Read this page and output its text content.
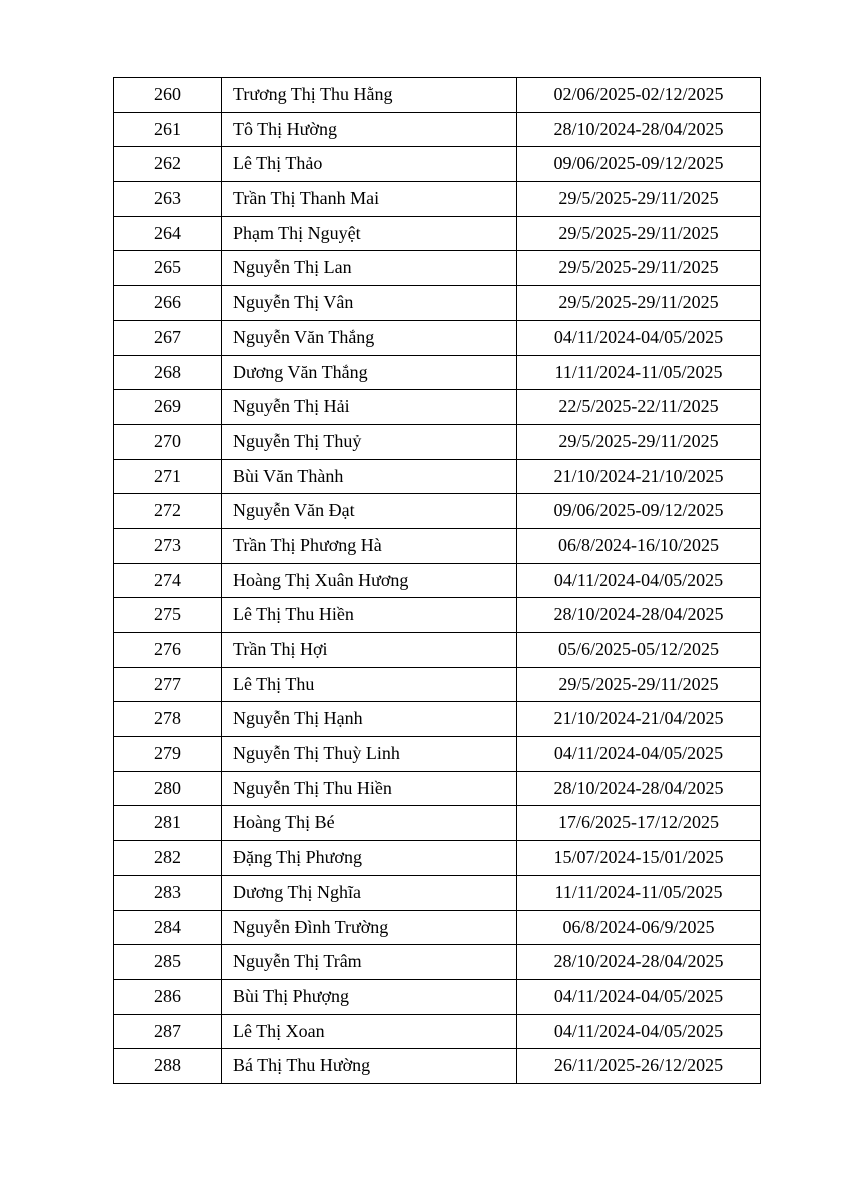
260	Trương Thị Thu Hằng	02/06/2025-02/12/2025
261	Tô Thị Hường	28/10/2024-28/04/2025
262	Lê Thị Thảo	09/06/2025-09/12/2025
263	Trần Thị Thanh Mai	29/5/2025-29/11/2025
264	Phạm Thị Nguyệt	29/5/2025-29/11/2025
265	Nguyễn Thị Lan	29/5/2025-29/11/2025
266	Nguyễn Thị Vân	29/5/2025-29/11/2025
267	Nguyễn Văn Thắng	04/11/2024-04/05/2025
268	Dương Văn Thắng	11/11/2024-11/05/2025
269	Nguyễn Thị Hải	22/5/2025-22/11/2025
270	Nguyễn Thị Thuỷ	29/5/2025-29/11/2025
271	Bùi Văn Thành	21/10/2024-21/10/2025
272	Nguyễn Văn Đạt	09/06/2025-09/12/2025
273	Trần Thị Phương Hà	06/8/2024-16/10/2025
274	Hoàng Thị Xuân Hương	04/11/2024-04/05/2025
275	Lê Thị Thu Hiền	28/10/2024-28/04/2025
276	Trần Thị Hợi	05/6/2025-05/12/2025
277	Lê Thị Thu	29/5/2025-29/11/2025
278	Nguyễn Thị Hạnh	21/10/2024-21/04/2025
279	Nguyễn Thị Thuỳ Linh	04/11/2024-04/05/2025
280	Nguyễn Thị Thu Hiền	28/10/2024-28/04/2025
281	Hoàng Thị Bé	17/6/2025-17/12/2025
282	Đặng Thị Phương	15/07/2024-15/01/2025
283	Dương Thị Nghĩa	11/11/2024-11/05/2025
284	Nguyễn Đình Trường	06/8/2024-06/9/2025
285	Nguyễn Thị Trâm	28/10/2024-28/04/2025
286	Bùi Thị Phượng	04/11/2024-04/05/2025
287	Lê Thị Xoan	04/11/2024-04/05/2025
288	Bá Thị Thu Hường	26/11/2025-26/12/2025
